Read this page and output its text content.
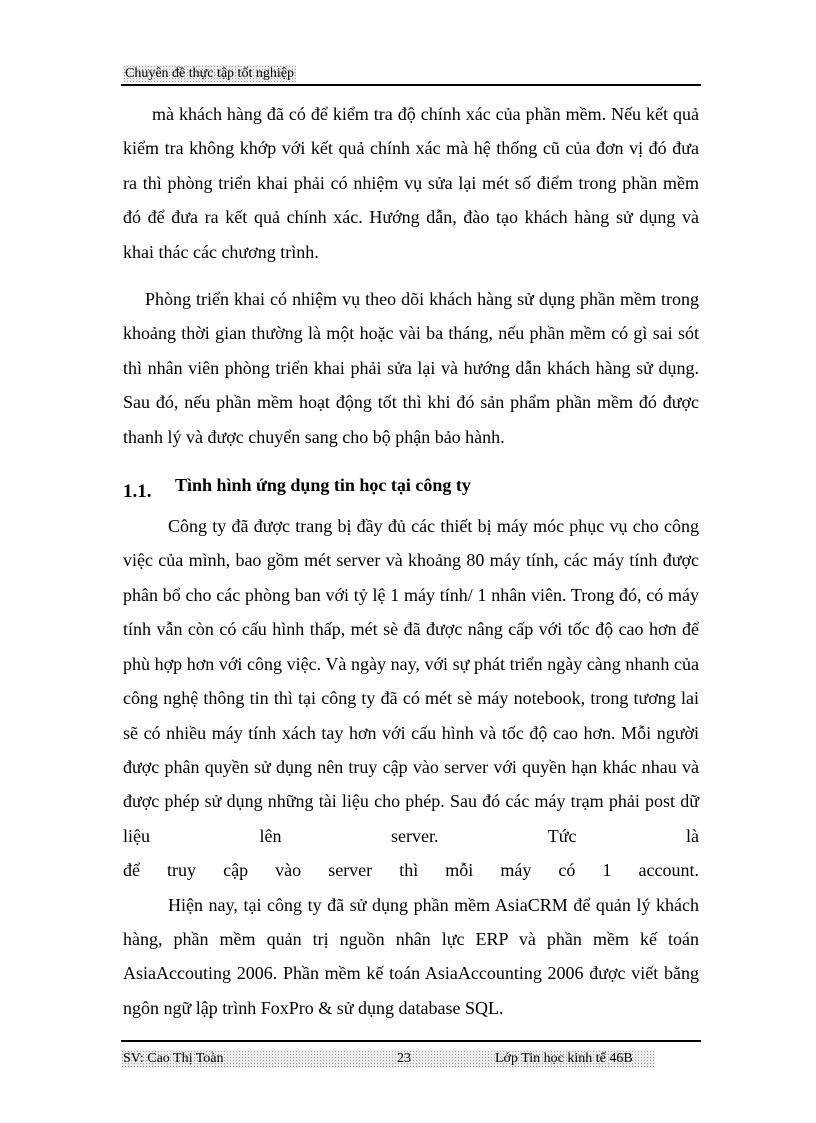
Chuyên đề thực tập tốt nghiệp

mà khách hàng đã có để kiểm tra độ chính xác của phần mềm. Nếu kết quả kiểm tra không khớp với kết quả chính xác mà hệ thống cũ của đơn vị đó đưa ra thì phòng triển khai phải có nhiệm vụ sửa lại mét số điểm trong phần mềm đó để đưa ra kết quả chính xác. Hướng dẫn, đào tạo khách hàng sử dụng và khai thác các chương trình.

Phòng triển khai có nhiệm vụ theo dõi khách hàng sử dụng phần mềm trong khoảng thời gian thường là một hoặc vài ba tháng, nếu phần mềm có gì sai sót thì nhân viên phòng triển khai phải sửa lại và hướng dẫn khách hàng sử dụng. Sau đó, nếu phần mềm hoạt động tốt thì khi đó sản phẩm phần mềm đó được thanh lý và được chuyển sang cho bộ phận bảo hành.

1.1. Tình hình ứng dụng tin học tại công ty

Công ty đã được trang bị đầy đủ các thiết bị máy móc phục vụ cho công việc của mình, bao gồm mét server và khoảng 80 máy tính, các máy tính được phân bổ cho các phòng ban với tỷ lệ 1 máy tính/ 1 nhân viên. Trong đó, có máy tính vẫn còn có cấu hình thấp, mét sè đã được nâng cấp với tốc độ cao hơn để phù hợp hơn với công việc. Và ngày nay, với sự phát triển ngày càng nhanh của công nghệ thông tin thì tại công ty đã có mét sè máy notebook, trong tương lai sẽ có nhiều máy tính xách tay hơn với cấu hình và tốc độ cao hơn. Mỗi người được phân quyền sử dụng nên truy cập vào server với quyền hạn khác nhau và được phép sử dụng những tài liệu cho phép. Sau đó các máy trạm phải post dữ liệu lên server. Tức là

để truy cập vào server thì mỗi máy có 1 account.

Hiện nay, tại công ty đã sử dụng phần mềm AsiaCRM để quản lý khách hàng, phần mềm quản trị nguồn nhân lực ERP và phần mềm kế toán AsiaAccouting 2006. Phần mềm kế toán AsiaAccounting 2006 được viết bằng ngôn ngữ lập trình FoxPro & sử dụng database SQL.

SV: Cao Thị Toàn	23	Lớp Tin học kinh tế 46B
